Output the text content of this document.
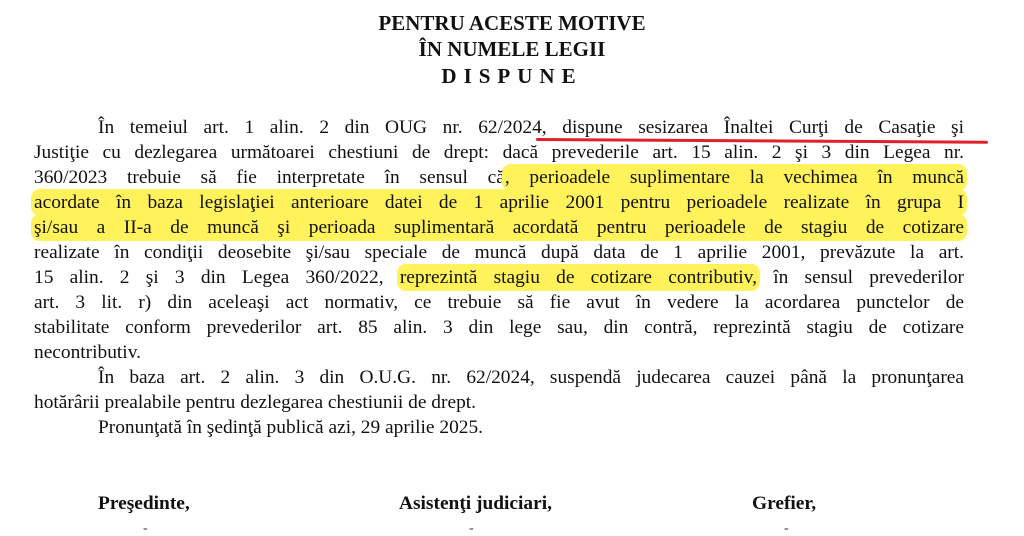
PENTRU ACESTE MOTIVE
ÎN NUMELE LEGII
DISPUNE
În temeiul art. 1 alin. 2 din OUG nr. 62/2024, dispune sesizarea Înaltei Curţi de Casaţie şi
Justiţie cu dezlegarea următoarei chestiuni de drept: dacă prevederile art. 15 alin. 2 şi 3 din Legea nr.
360/2023 trebuie să fie interpretate în sensul că, perioadele suplimentare la vechimea în muncă
acordate în baza legislaţiei anterioare datei de 1 aprilie 2001 pentru perioadele realizate în grupa I
şi/sau a II-a de muncă şi perioada suplimentară acordată pentru perioadele de stagiu de cotizare
realizate în condiţii deosebite şi/sau speciale de muncă după data de 1 aprilie 2001, prevăzute la art.
15 alin. 2 şi 3 din Legea 360/2022, reprezintă stagiu de cotizare contributiv, în sensul prevederilor
art. 3 lit. r) din aceleaşi act normativ, ce trebuie să fie avut în vedere la acordarea punctelor de
stabilitate conform prevederilor art. 85 alin. 3 din lege sau, din contră, reprezintă stagiu de cotizare
necontributiv.
În baza art. 2 alin. 3 din O.U.G. nr. 62/2024, suspendă judecarea cauzei până la pronunţarea
hotărârii prealabile pentru dezlegarea chestiunii de drept.
Pronunţată în şedinţă publică azi, 29 aprilie 2025.
Preşedinte,	Asistenţi judiciari,	Grefier,
-	-	-
